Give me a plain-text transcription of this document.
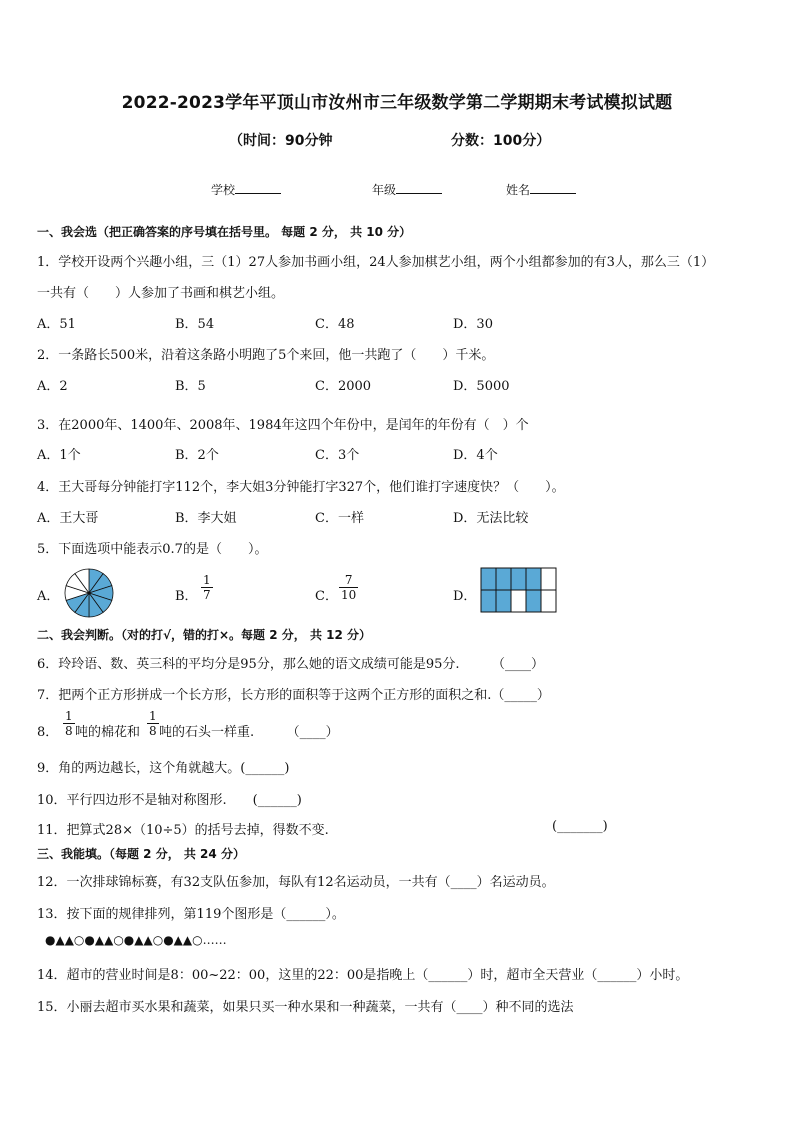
2022-2023学年平顶山市汝州市三年级数学第二学期期末考试模拟试题
（时间：90分钟	分数：100分）
学校	年级	姓名
一、我会选（把正确答案的序号填在括号里。 每题 2 分， 共 10 分）
1．学校开设两个兴趣小组，三（1）27人参加书画小组，24人参加棋艺小组，两个小组都参加的有3人，那么三（1）
一共有（　　）人参加了书画和棋艺小组。
A．51	B．54	C．48	D．30
2．一条路长500米，沿着这条路小明跑了5个来回，他一共跑了（　　）千米。
A．2	B．5	C．2000	D．5000
3．在2000年、1400年、2008年、1984年这四个年份中，是闰年的年份有（　）个
A．1个	B．2个	C．3个	D．4个
4．王大哥每分钟能打字112个，李大姐3分钟能打字327个，他们谁打字速度快？（　　）。
A．王大哥	B．李大姐	C．一样	D．无法比较
5．下面选项中能表示0.7的是（　　）。
A．	B． $\frac{1}{7}$	C． $\frac{7}{10}$	D．
二、我会判断。（对的打√，错的打×。每题 2 分， 共 12 分）
6．玲玲语、数、英三科的平均分是95分，那么她的语文成绩可能是95分.　　　（____）
7．把两个正方形拼成一个长方形，长方形的面积等于这两个正方形的面积之和.（_____）
8． $\frac{1}{8}$ 吨的棉花和 $\frac{1}{8}$ 吨的石头一样重.　　　（____）
9．角的两边越长，这个角就越大。(______)
10．平行四边形不是轴对称图形.　　(______)
11．把算式28×（10÷5）的括号去掉，得数不变.	(_______)
三、我能填。（每题 2 分， 共 24 分）
12．一次排球锦标赛，有32支队伍参加，每队有12名运动员，一共有（____）名运动员。
13．按下面的规律排列，第119个图形是（______）。
●▲▲○●▲▲○●▲▲○●▲▲○……
14．超市的营业时间是8：00~22：00，这里的22：00是指晚上（______）时，超市全天营业（______）小时。
15．小丽去超市买水果和蔬菜，如果只买一种水果和一种蔬菜，一共有（____）种不同的选法
